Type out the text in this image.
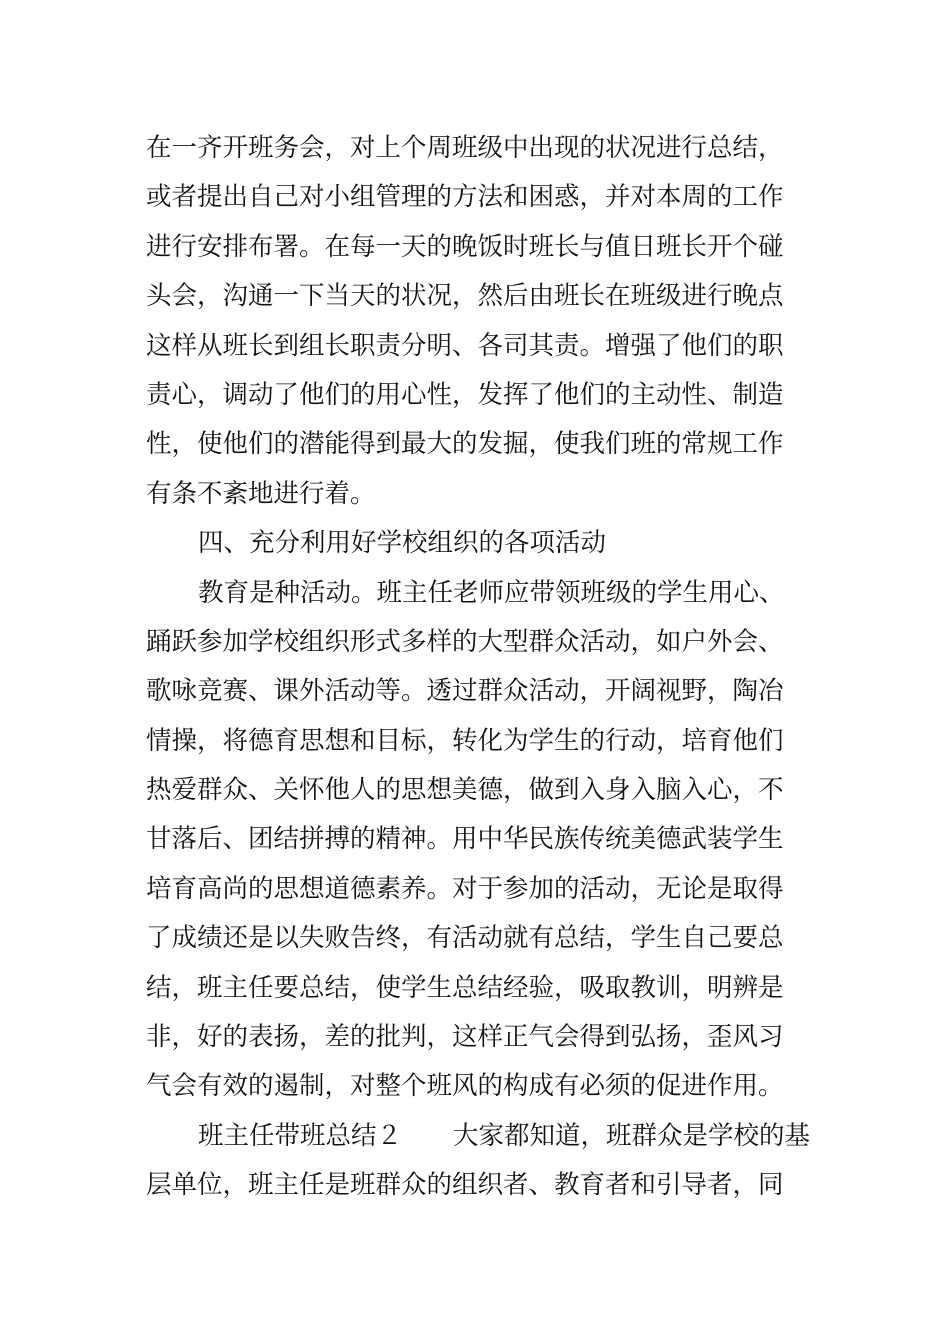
在一齐开班务会，对上个周班级中出现的状况进行总结，
或者提出自己对小组管理的方法和困惑，并对本周的工作
进行安排布署。在每一天的晚饭时班长与值日班长开个碰
头会，沟通一下当天的状况，然后由班长在班级进行晚点
这样从班长到组长职责分明、各司其责。增强了他们的职
责心，调动了他们的用心性，发挥了他们的主动性、制造
性，使他们的潜能得到最大的发掘，使我们班的常规工作
有条不紊地进行着。
四、充分利用好学校组织的各项活动
教育是种活动。班主任老师应带领班级的学生用心、
踊跃参加学校组织形式多样的大型群众活动，如户外会、
歌咏竞赛、课外活动等。透过群众活动，开阔视野，陶冶
情操，将德育思想和目标，转化为学生的行动，培育他们
热爱群众、关怀他人的思想美德，做到入身入脑入心，不
甘落后、团结拼搏的精神。用中华民族传统美德武装学生
培育高尚的思想道德素养。对于参加的活动，无论是取得
了成绩还是以失败告终，有活动就有总结，学生自己要总
结，班主任要总结，使学生总结经验，吸取教训，明辨是
非，好的表扬，差的批判，这样正气会得到弘扬，歪风习
气会有效的遏制，对整个班风的构成有必须的促进作用。
班主任带班总结２　　大家都知道，班群众是学校的基
层单位，班主任是班群众的组织者、教育者和引导者，同
